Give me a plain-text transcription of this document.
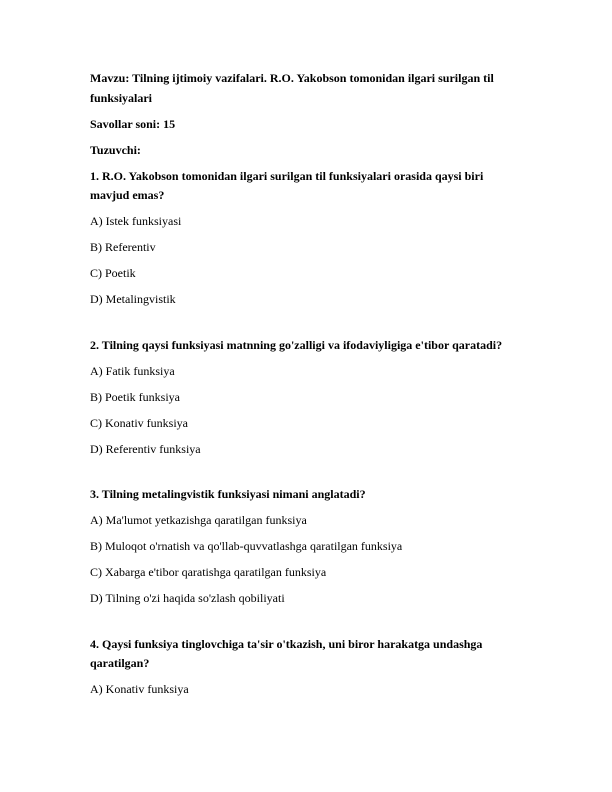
Mavzu: Tilning ijtimoiy vazifalari. R.O. Yakobson tomonidan ilgari surilgan til funksiyalari

Savollar soni: 15

Tuzuvchi:

1. R.O. Yakobson tomonidan ilgari surilgan til funksiyalari orasida qaysi biri mavjud emas?

A) Istek funksiyasi

B) Referentiv

C) Poetik

D) Metalingvistik

2. Tilning qaysi funksiyasi matnning go'zalligi va ifodaviyligiga e'tibor qaratadi?

A) Fatik funksiya

B) Poetik funksiya

C) Konativ funksiya

D) Referentiv funksiya

3. Tilning metalingvistik funksiyasi nimani anglatadi?

A) Ma'lumot yetkazishga qaratilgan funksiya

B) Muloqot o'rnatish va qo'llab-quvvatlashga qaratilgan funksiya

C) Xabarga e'tibor qaratishga qaratilgan funksiya

D) Tilning o'zi haqida so'zlash qobiliyati

4. Qaysi funksiya tinglovchiga ta'sir o'tkazish, uni biror harakatga undashga qaratilgan?

A) Konativ funksiya
